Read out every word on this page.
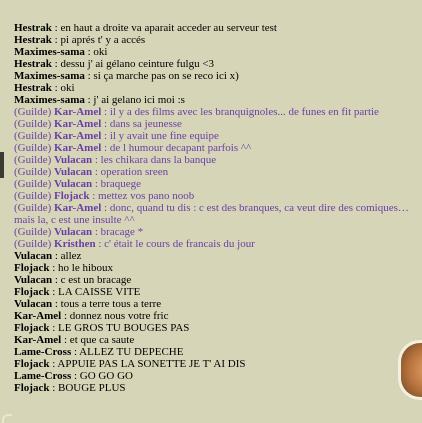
Hestrak : en haut a droite va aparait acceder au serveur test
Hestrak : pi aprés t' y a accés
Maximes-sama : oki
Hestrak : dessu j' ai gélano ceinture fulgu <3
Maximes-sama : si ça marche pas on se reco ici x)
Hestrak : oki
Maximes-sama : j' ai gelano ici moi :s
(Guilde) Kar-Amel : il y a des films avec les branquignoles... de funes en fit partie
(Guilde) Kar-Amel : dans sa jeunesse
(Guilde) Kar-Amel : il y avait une fine equipe
(Guilde) Kar-Amel : de l humour decapant parfois ^^
(Guilde) Vulacan : les chikara dans la banque
(Guilde) Vulacan : operation sreen
(Guilde) Vulacan : braquege
(Guilde) Flojack : mettez vos pano noob
(Guilde) Kar-Amel : donc, quand tu dis : c est des branques, ca veut dire des comiques… mais la, c est une insulte ^^
(Guilde) Vulacan : bracage *
(Guilde) Kristhen : c' était le cours de francais du jour
Vulacan : allez
Flojack : ho le hiboux
Vulacan : c est un bracage
Flojack : LA CAISSE VITE
Vulacan : tous a terre tous a terre
Kar-Amel : donnez nous votre fric
Flojack : LE GROS TU BOUGES PAS
Kar-Amel : et que ca saute
Lame-Cross : ALLEZ TU DEPECHE
Flojack : APPUIE PAS LA SONETTE JE T' AI DIS
Lame-Cross : GO GO GO
Flojack : BOUGE PLUS
